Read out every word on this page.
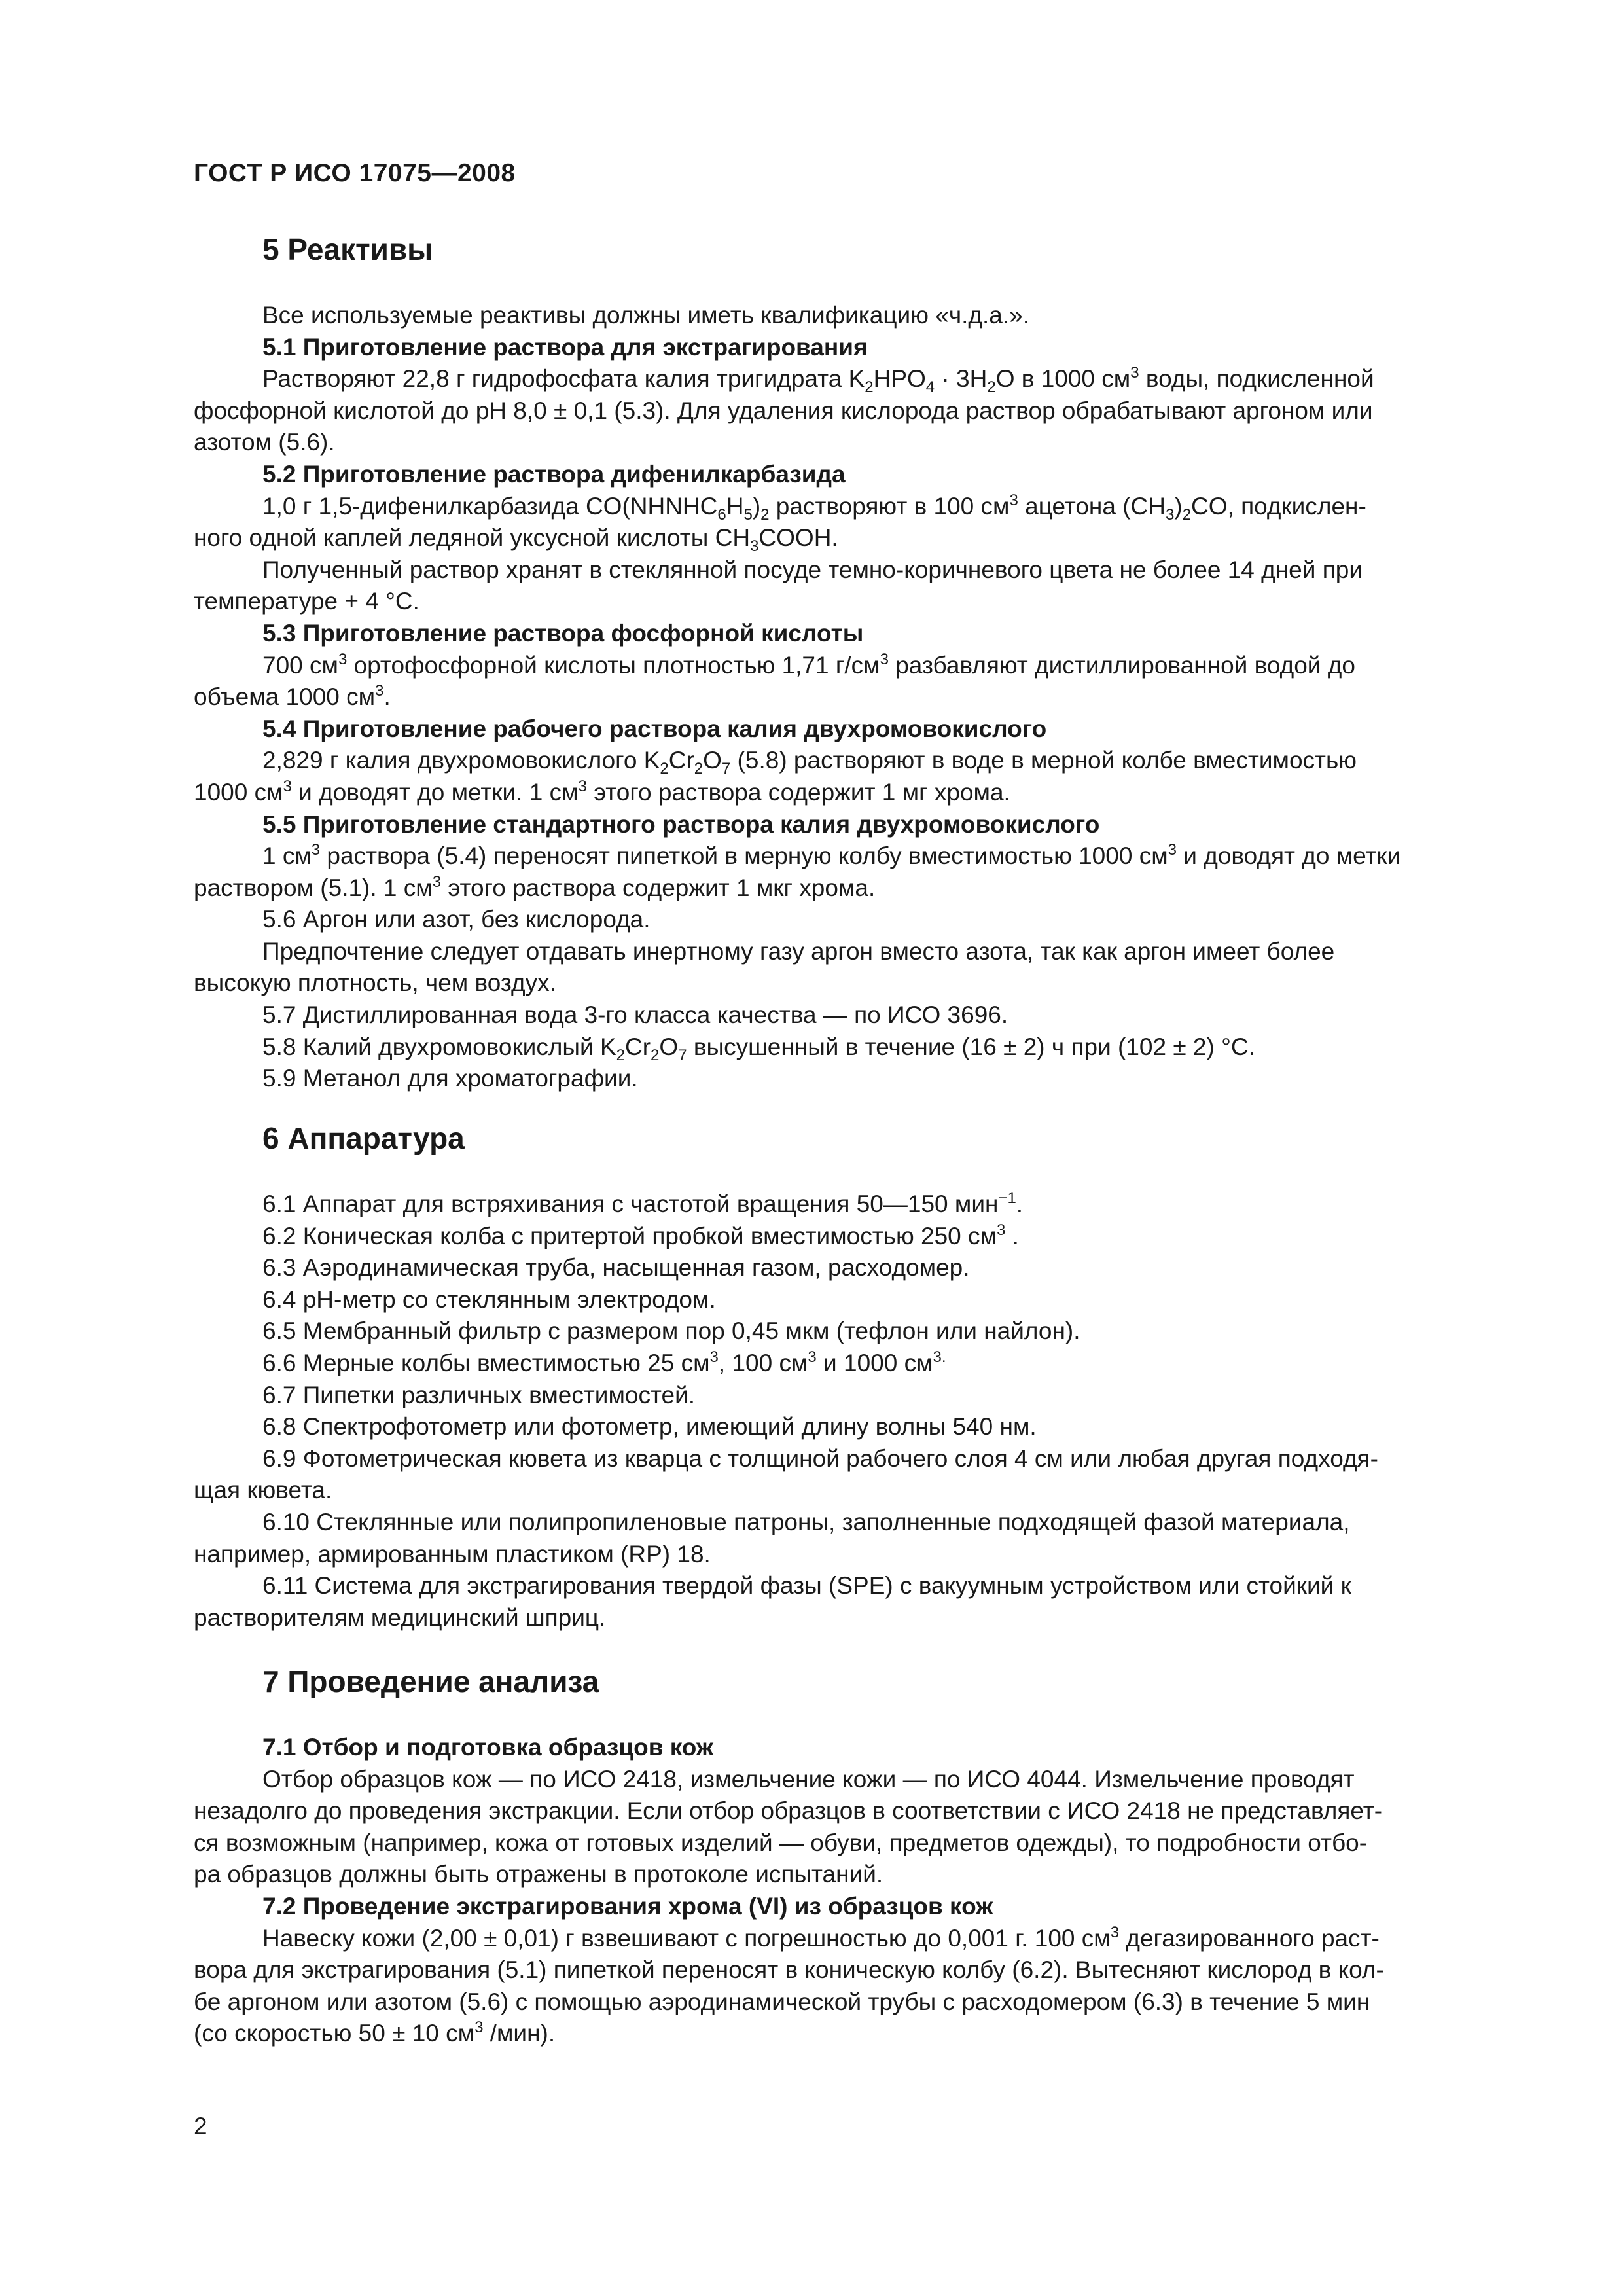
ГОСТ Р ИСО 17075—2008
5 Реактивы
Все используемые реактивы должны иметь квалификацию «ч.д.а.».
5.1 Приготовление раствора для экстрагирования
Растворяют 22,8 г гидрофосфата калия тригидрата $K_2HPO_4 \cdot 3H_2O$ в 1000 $см^3$ воды, подкисленной
фосфорной кислотой до pH 8,0 ± 0,1 (5.3). Для удаления кислорода раствор обрабатывают аргоном или
азотом (5.6).
5.2 Приготовление раствора дифенилкарбазида
1,0 г 1,5-дифенилкарбазида $CO(NHNHC_6H_5)_2$ растворяют в 100 $см^3$ ацетона $(CH_3)_2CO$, подкислен-
ного одной каплей ледяной уксусной кислоты $CH_3COOH$.
Полученный раствор хранят в стеклянной посуде темно-коричневого цвета не более 14 дней при
температуре + 4 °С.
5.3 Приготовление раствора фосфорной кислоты
700 $см^3$ ортофосфорной кислоты плотностью 1,71 $г/см^3$ разбавляют дистиллированной водой до
объема 1000 $см^3$.
5.4 Приготовление рабочего раствора калия двухромовокислого
2,829 г калия двухромовокислого $K_2Cr_2O_7$ (5.8) растворяют в воде в мерной колбе вместимостью
1000 $см^3$ и доводят до метки. 1 $см^3$ этого раствора содержит 1 мг хрома.
5.5 Приготовление стандартного раствора калия двухромовокислого
1 $см^3$ раствора (5.4) переносят пипеткой в мерную колбу вместимостью 1000 $см^3$ и доводят до метки
раствором (5.1). 1 $см^3$ этого раствора содержит 1 мкг хрома.
5.6 Аргон или азот, без кислорода.
Предпочтение следует отдавать инертному газу аргон вместо азота, так как аргон имеет более
высокую плотность, чем воздух.
5.7 Дистиллированная вода 3-го класса качества — по ИСО 3696.
5.8 Калий двухромовокислый $K_2Cr_2O_7$ высушенный в течение (16 ± 2) ч при (102 ± 2) °С.
5.9 Метанол для хроматографии.
6 Аппаратура
6.1 Аппарат для встряхивания с частотой вращения 50—150 мин$^{-1}$.
6.2 Коническая колба с притертой пробкой вместимостью 250 $см^3$ .
6.3 Аэродинамическая труба, насыщенная газом, расходомер.
6.4 pH-метр со стеклянным электродом.
6.5 Мембранный фильтр с размером пор 0,45 мкм (тефлон или найлон).
6.6 Мерные колбы вместимостью 25 $см^3$, 100 $см^3$ и 1000 $см^{3.}$
6.7 Пипетки различных вместимостей.
6.8 Спектрофотометр или фотометр, имеющий длину волны 540 нм.
6.9 Фотометрическая кювета из кварца с толщиной рабочего слоя 4 см или любая другая подходя-
щая кювета.
6.10 Стеклянные или полипропиленовые патроны, заполненные подходящей фазой материала,
например, армированным пластиком (RP) 18.
6.11 Система для экстрагирования твердой фазы (SPE) с вакуумным устройством или стойкий к
растворителям медицинский шприц.
7 Проведение анализа
7.1 Отбор и подготовка образцов кож
Отбор образцов кож — по ИСО 2418, измельчение кожи — по ИСО 4044. Измельчение проводят
незадолго до проведения экстракции. Если отбор образцов в соответствии с ИСО 2418 не представляет-
ся возможным (например, кожа от готовых изделий — обуви, предметов одежды), то подробности отбо-
ра образцов должны быть отражены в протоколе испытаний.
7.2 Проведение экстрагирования хрома (VI) из образцов кож
Навеску кожи (2,00 ± 0,01) г взвешивают с погрешностью до 0,001 г. 100 $см^3$ дегазированного раст-
вора для экстрагирования (5.1) пипеткой переносят в коническую колбу (6.2). Вытесняют кислород в кол-
бе аргоном или азотом (5.6) с помощью аэродинамической трубы с расходомером (6.3) в течение 5 мин
(со скоростью 50 ± 10 $см^3$ /мин).
2
